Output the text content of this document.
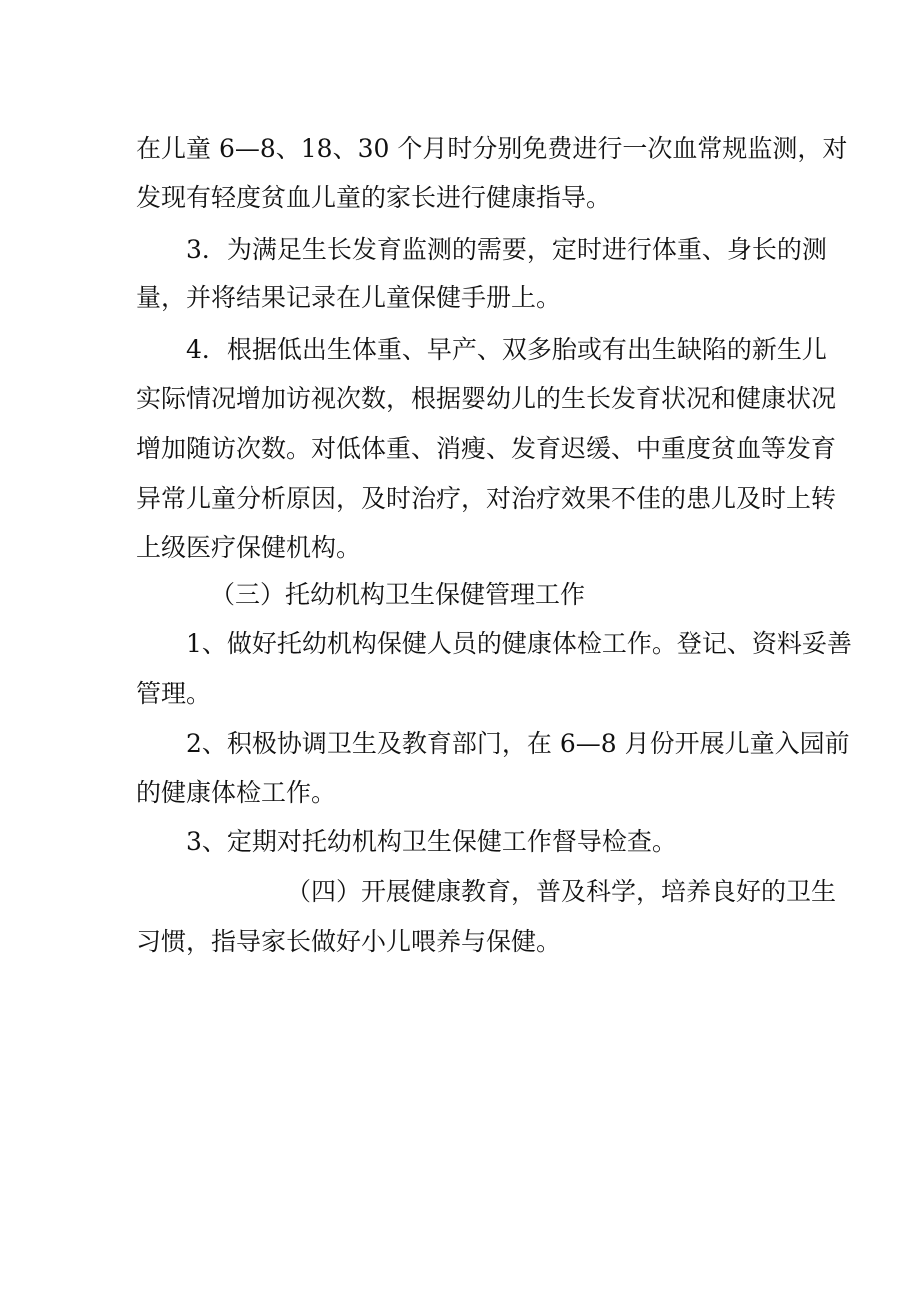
在儿童 6—8、18、30 个月时分别免费进行一次血常规监测，对

发现有轻度贫血儿童的家长进行健康指导。

3．为满足生长发育监测的需要，定时进行体重、身长的测

量，并将结果记录在儿童保健手册上。

4．根据低出生体重、早产、双多胎或有出生缺陷的新生儿

实际情况增加访视次数，根据婴幼儿的生长发育状况和健康状况

增加随访次数。对低体重、消瘦、发育迟缓、中重度贫血等发育

异常儿童分析原因，及时治疗，对治疗效果不佳的患儿及时上转

上级医疗保健机构。

（三）托幼机构卫生保健管理工作

1、做好托幼机构保健人员的健康体检工作。登记、资料妥善

管理。

2、积极协调卫生及教育部门，在 6—8 月份开展儿童入园前

的健康体检工作。

3、定期对托幼机构卫生保健工作督导检查。

（四）开展健康教育，普及科学，培养良好的卫生

习惯，指导家长做好小儿喂养与保健。
